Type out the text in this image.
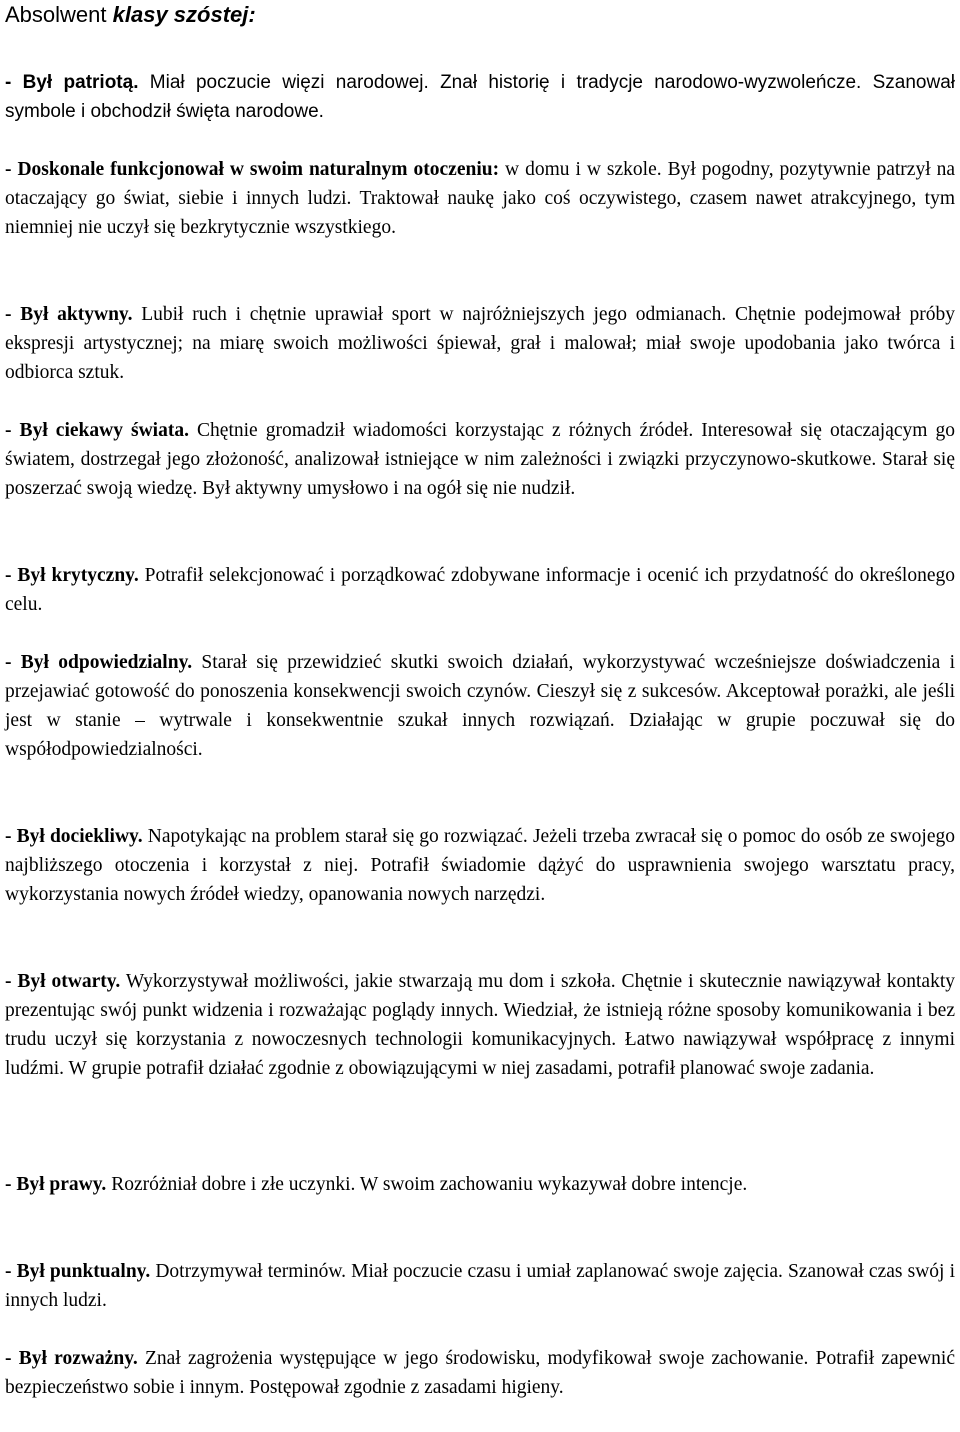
Absolwent klasy szóstej:
- Był patriotą. Miał poczucie więzi narodowej. Znał historię i tradycje narodowo-wyzwoleńcze. Szanował symbole i obchodził święta narodowe.
- Doskonale funkcjonował w swoim naturalnym otoczeniu: w domu i w szkole. Był pogodny, pozytywnie patrzył na otaczający go świat, siebie i innych ludzi. Traktował naukę jako coś oczywistego, czasem nawet atrakcyjnego, tym niemniej nie uczył się bezkrytycznie wszystkiego.
- Był aktywny. Lubił ruch i chętnie uprawiał sport w najróżniejszych jego odmianach. Chętnie podejmował próby ekspresji artystycznej; na miarę swoich możliwości śpiewał, grał i malował; miał swoje upodobania jako twórca i odbiorca sztuk.
- Był ciekawy świata. Chętnie gromadził wiadomości korzystając z różnych źródeł. Interesował się otaczającym go światem, dostrzegał jego złożoność, analizował istniejące w nim zależności i związki przyczynowo-skutkowe. Starał się poszerzać swoją wiedzę. Był aktywny umysłowo i na ogół się nie nudził.
- Był krytyczny. Potrafił selekcjonować i porządkować zdobywane informacje i ocenić ich przydatność do określonego celu.
- Był odpowiedzialny. Starał się przewidzieć skutki swoich działań, wykorzystywać wcześniejsze doświadczenia i przejawiać gotowość do ponoszenia konsekwencji swoich czynów. Cieszył się z sukcesów. Akceptował porażki, ale jeśli jest w stanie – wytrwale i konsekwentnie szukał innych rozwiązań. Działając w grupie poczuwał się do współodpowiedzialności.
- Był dociekliwy. Napotykając na problem starał się go rozwiązać. Jeżeli trzeba zwracał się o pomoc do osób ze swojego najbliższego otoczenia i korzystał z niej. Potrafił świadomie dążyć do usprawnienia swojego warsztatu pracy, wykorzystania nowych źródeł wiedzy, opanowania nowych narzędzi.
- Był otwarty. Wykorzystywał możliwości, jakie stwarzają mu dom i szkoła. Chętnie i skutecznie nawiązywał kontakty prezentując swój punkt widzenia i rozważając poglądy innych. Wiedział, że istnieją różne sposoby komunikowania i bez trudu uczył się korzystania z nowoczesnych technologii komunikacyjnych. Łatwo nawiązywał współpracę z innymi ludźmi. W grupie potrafił działać zgodnie z obowiązującymi w niej zasadami, potrafił planować swoje zadania.
- Był prawy. Rozróżniał dobre i złe uczynki. W swoim zachowaniu wykazywał dobre intencje.
- Był punktualny. Dotrzymywał terminów. Miał poczucie czasu i umiał zaplanować swoje zajęcia. Szanował czas swój i innych ludzi.
- Był rozważny. Znał zagrożenia występujące w jego środowisku, modyfikował swoje zachowanie. Potrafił zapewnić bezpieczeństwo sobie i innym. Postępował zgodnie z zasadami higieny.
